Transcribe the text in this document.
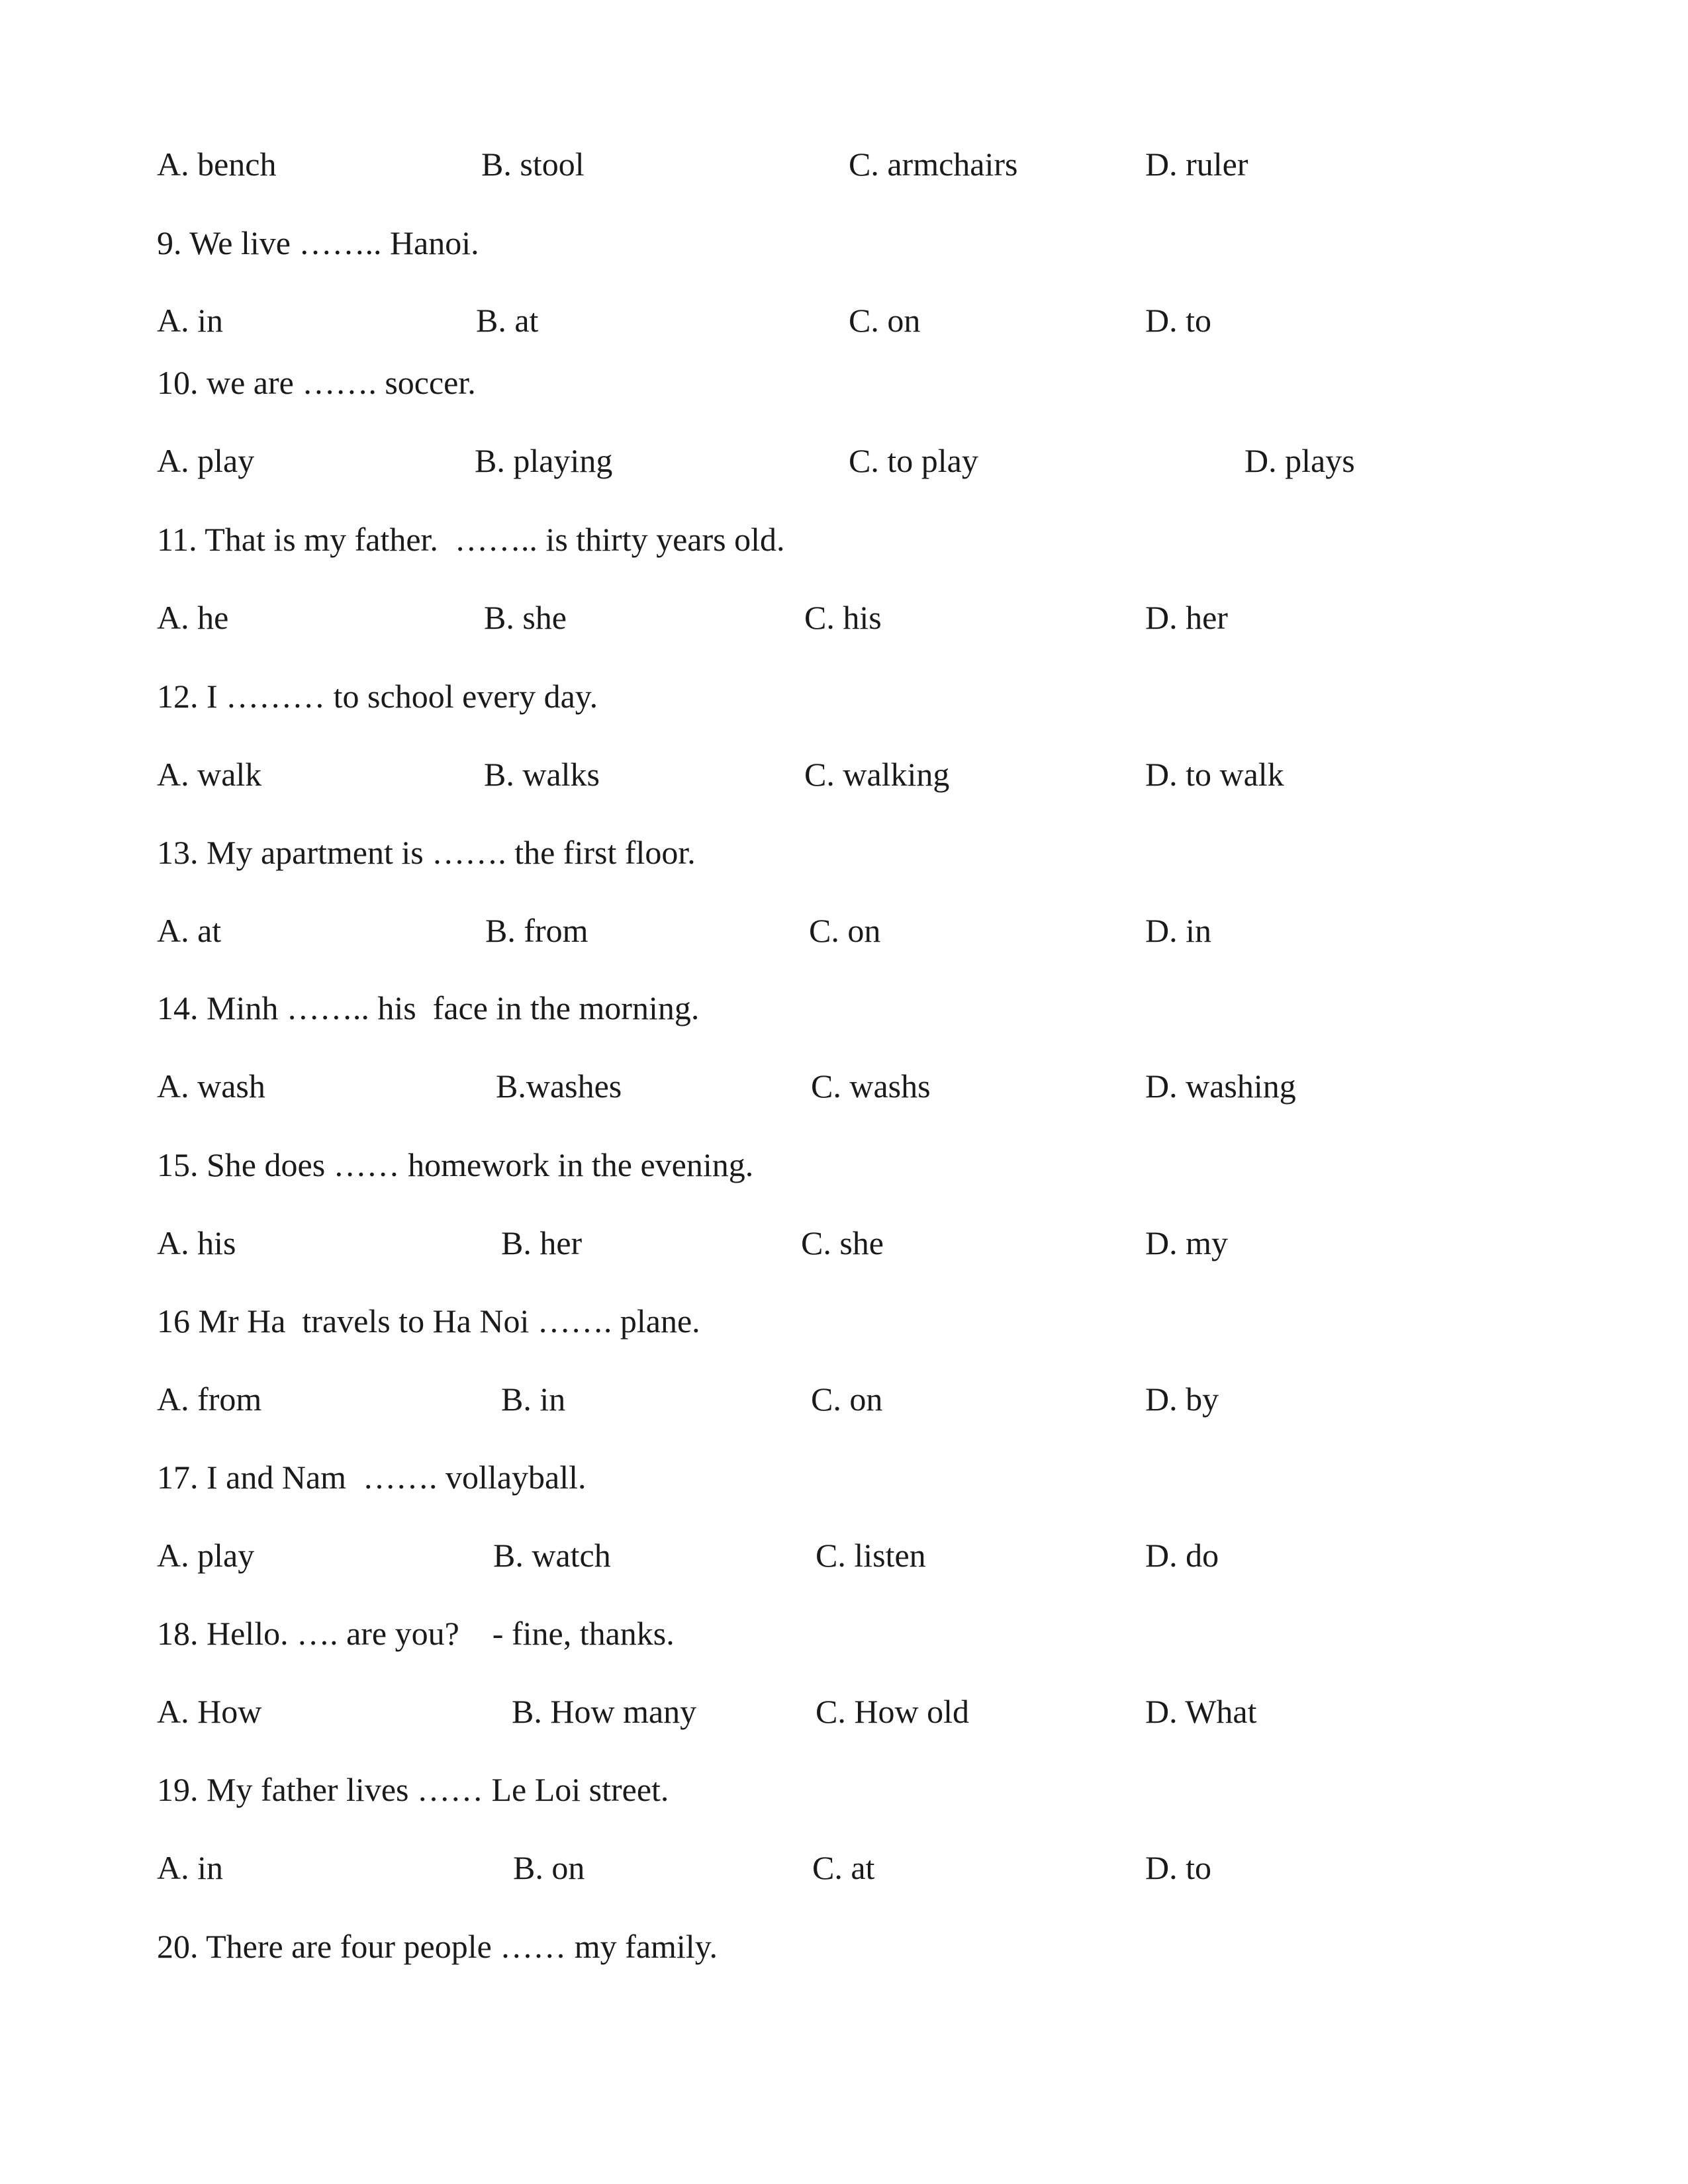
A. bench	B. stool	C. armchairs	D. ruler
9. We live …….. Hanoi.
A. in	B. at	C. on	D. to
10. we are ……. soccer.
A. play	B. playing	C. to play	D. plays
11. That is my father.  …….. is thirty years old.
A. he	B. she	C. his	D. her
12. I ……… to school every day.
A. walk	B. walks	C. walking	D. to walk
13. My apartment is ……. the first floor.
A. at	B. from	C. on	D. in
14. Minh …….. his  face in the morning.
A. wash	B.washes	C. washs	D. washing
15. She does …… homework in the evening.
A. his	B. her	C. she	D. my
16 Mr Ha  travels to Ha Noi ……. plane.
A. from	B. in	C. on	D. by
17. I and Nam  ……. vollayball.
A. play	B. watch	C. listen	D. do
18. Hello. …. are you?    - fine, thanks.
A. How	B. How many	C. How old	D. What
19. My father lives …… Le Loi street.
A. in	B. on	C. at	D. to
20. There are four people …… my family.
